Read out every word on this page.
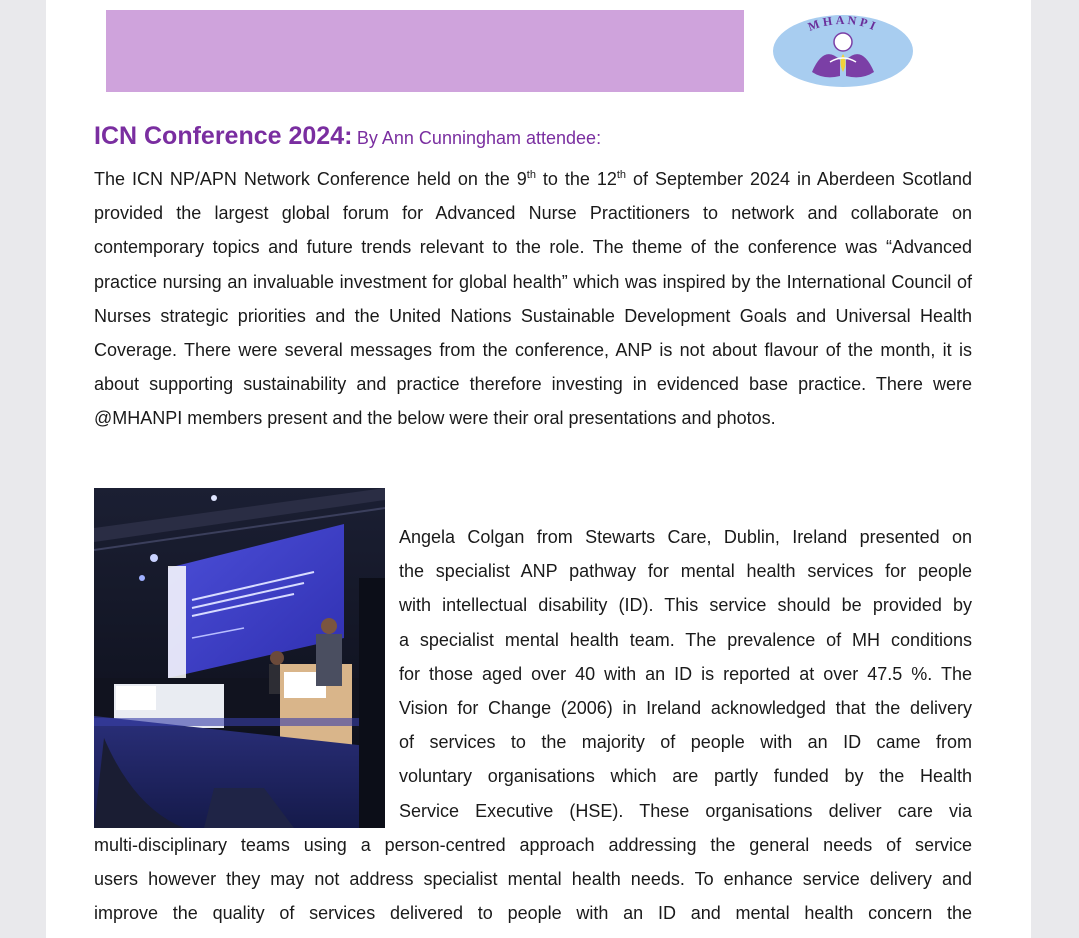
MHANPI
ICN Conference 2024: By Ann Cunningham attendee:
The ICN NP/APN Network Conference held on the 9th to the 12th of September 2024 in Aberdeen Scotland provided the largest global forum for Advanced Nurse Practitioners to network and collaborate on contemporary topics and future trends relevant to the role. The theme of the conference was “Advanced practice nursing an invaluable investment for global health” which was inspired by the International Council of Nurses strategic priorities and the United Nations Sustainable Development Goals and Universal Health Coverage. There were several messages from the conference, ANP is not about flavour of the month, it is about supporting sustainability and practice therefore investing in evidenced base practice. There were @MHANPI members present and the below were their oral presentations and photos.
Angela Colgan from Stewarts Care, Dublin, Ireland presented on
the specialist ANP pathway for mental health services for people
with intellectual disability (ID). This service should be provided by
a specialist mental health team. The prevalence of MH conditions
for those aged over 40 with an ID is reported at over 47.5 %. The
Vision for Change (2006) in Ireland acknowledged that the delivery
of services to the majority of people with an ID came from
voluntary organisations which are partly funded by the Health
Service Executive (HSE). These organisations deliver care via
multi-disciplinary teams using a person-centred approach addressing the general needs of service
users however they may not address specialist mental health needs. To enhance service delivery and
improve the quality of services delivered to people with an ID and mental health concern the
